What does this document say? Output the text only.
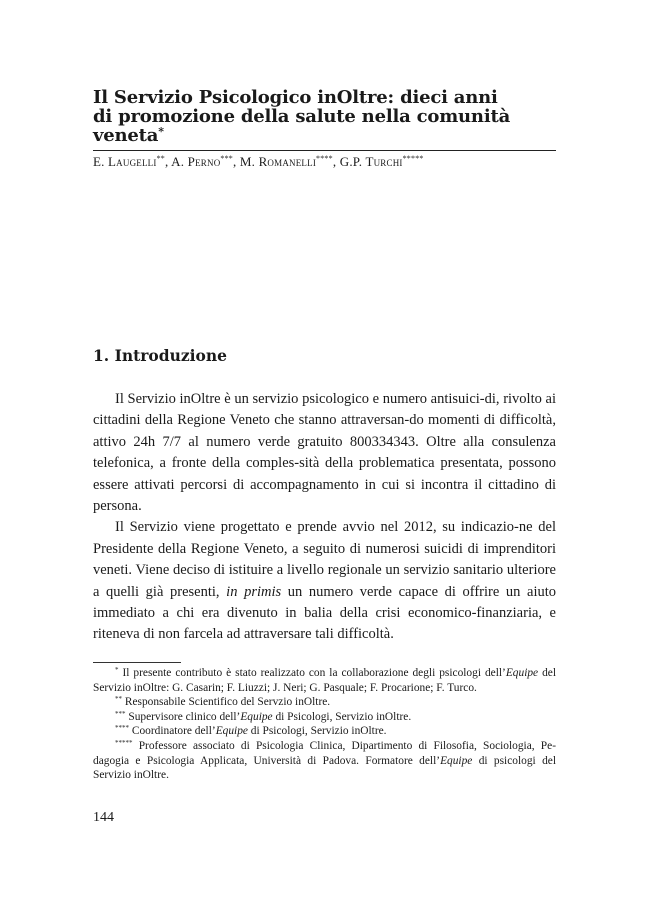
Il Servizio Psicologico inOltre: dieci anni
di promozione della salute nella comunità
veneta*
E. Laugelli**, A. Perno***, M. Romanelli****, G.P. Turchi*****
1. Introduzione

Il Servizio inOltre è un servizio psicologico e numero antisuici-di, rivolto ai cittadini della Regione Veneto che stanno attraversan-do momenti di difficoltà, attivo 24h 7/7 al numero verde gratuito 800334343. Oltre alla consulenza telefonica, a fronte della comples-sità della problematica presentata, possono essere attivati percorsi di accompagnamento in cui si incontra il cittadino di persona.

Il Servizio viene progettato e prende avvio nel 2012, su indicazio-ne del Presidente della Regione Veneto, a seguito di numerosi suicidi di imprenditori veneti. Viene deciso di istituire a livello regionale un servizio sanitario ulteriore a quelli già presenti, in primis un numero verde capace di offrire un aiuto immediato a chi era divenuto in balia della crisi economico-finanziaria, e riteneva di non farcela ad attraversare tali difficoltà.

* Il presente contributo è stato realizzato con la collaborazione degli psicologi dell’Equipe del Servizio inOltre: G. Casarin; F. Liuzzi; J. Neri; G. Pasquale; F. Procarione; F. Turco.

** Responsabile Scientifico del Servzio inOltre.

*** Supervisore clinico dell’Equipe di Psicologi, Servizio inOltre.

**** Coordinatore dell’Equipe di Psicologi, Servizio inOltre.

***** Professore associato di Psicologia Clinica, Dipartimento di Filosofia, Sociologia, Pe-dagogia e Psicologia Applicata, Università di Padova. Formatore dell’Equipe di psicologi del Servizio inOltre.

144
